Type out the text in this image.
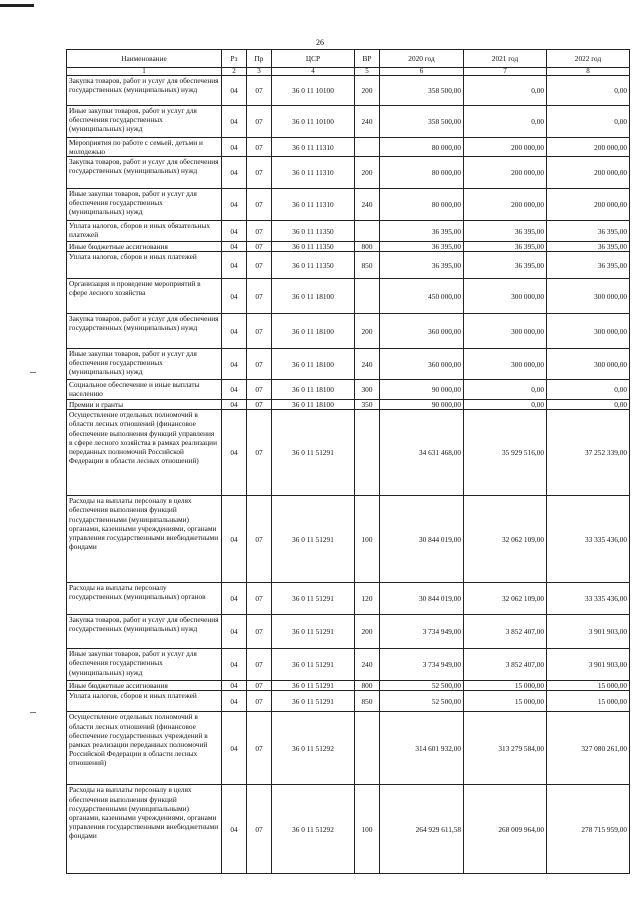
26
Наименование	Рз	Пр	ЦСР	ВР	2020 год	2021 год	2022 год
1	2	3	4	5	6	7	8
Закупка товаров, работ и услуг для обеспечения государственных (муниципальных) нужд	04	07	36 0 11 10100	200	358 500,00	0,00	0,00
Иные закупки товаров, работ и услуг для обеспечения государственных (муниципальных) нужд	04	07	36 0 11 10100	240	358 500,00	0,00	0,00
Мероприятия по работе с семьей, детьми и молодежью	04	07	36 0 11 11310		80 000,00	200 000,00	200 000,00
Закупка товаров, работ и услуг для обеспечения государственных (муниципальных) нужд	04	07	36 0 11 11310	200	80 000,00	200 000,00	200 000,00
Иные закупки товаров, работ и услуг для обеспечения государственных (муниципальных) нужд	04	07	36 0 11 11310	240	80 000,00	200 000,00	200 000,00
Уплата налогов, сборов и иных обязательных платежей	04	07	36 0 11 11350		36 395,00	36 395,00	36 395,00
Иные бюджетные ассигнования	04	07	36 0 11 11350	800	36 395,00	36 395,00	36 395,00
Уплата налогов, сборов и иных платежей	04	07	36 0 11 11350	850	36 395,00	36 395,00	36 395,00
Организация и проведение мероприятий в сфере лесного хозяйства	04	07	36 0 11 18100		450 000,00	300 000,00	300 000,00
Закупка товаров, работ и услуг для обеспечения государственных (муниципальных) нужд	04	07	36 0 11 18100	200	360 000,00	300 000,00	300 000,00
Иные закупки товаров, работ и услуг для обеспечения государственных (муниципальных) нужд	04	07	36 0 11 18100	240	360 000,00	300 000,00	300 000,00
Социальное обеспечение и иные выплаты населению	04	07	36 0 11 18100	300	90 000,00	0,00	0,00
Премии и гранты	04	07	36 0 11 18100	350	90 000,00	0,00	0,00
Осуществление отдельных полномочий в области лесных отношений (финансовое обеспечение выполнения функций управления в сфере лесного хозяйства в рамках реализации переданных полномочий Российской Федерации в области лесных отношений)	04	07	36 0 11 51291		34 631 468,00	35 929 516,00	37 252 339,00
Расходы на выплаты персоналу в целях обеспечения выполнения функций государственными (муниципальными) органами, казенными учреждениями, органами управления государственными внебюджетными фондами	04	07	36 0 11 51291	100	30 844 019,00	32 062 109,00	33 335 436,00
Расходы на выплаты персоналу государственных (муниципальных) органов	04	07	36 0 11 51291	120	30 844 019,00	32 062 109,00	33 335 436,00
Закупка товаров, работ и услуг для обеспечения государственных (муниципальных) нужд	04	07	36 0 11 51291	200	3 734 949,00	3 852 407,00	3 901 903,00
Иные закупки товаров, работ и услуг для обеспечения государственных (муниципальных) нужд	04	07	36 0 11 51291	240	3 734 949,00	3 852 407,00	3 901 903,00
Иные бюджетные ассигнования	04	07	36 0 11 51291	800	52 500,00	15 000,00	15 000,00
Уплата налогов, сборов и иных платежей	04	07	36 0 11 51291	850	52 500,00	15 000,00	15 000,00
Осуществление отдельных полномочий в области лесных отношений (финансовое обеспечение государственных учреждений в рамках реализации переданных полномочий Российской Федерации в области лесных отношений)	04	07	36 0 11 51292		314 601 932,00	313 279 584,00	327 080 261,00
Расходы на выплаты персоналу в целях обеспечения выполнения функций государственными (муниципальными) органами, казенными учреждениями, органами управления государственными внебюджетными фондами	04	07	36 0 11 51292	100	264 929 611,58	268 009 964,00	278 715 959,00
